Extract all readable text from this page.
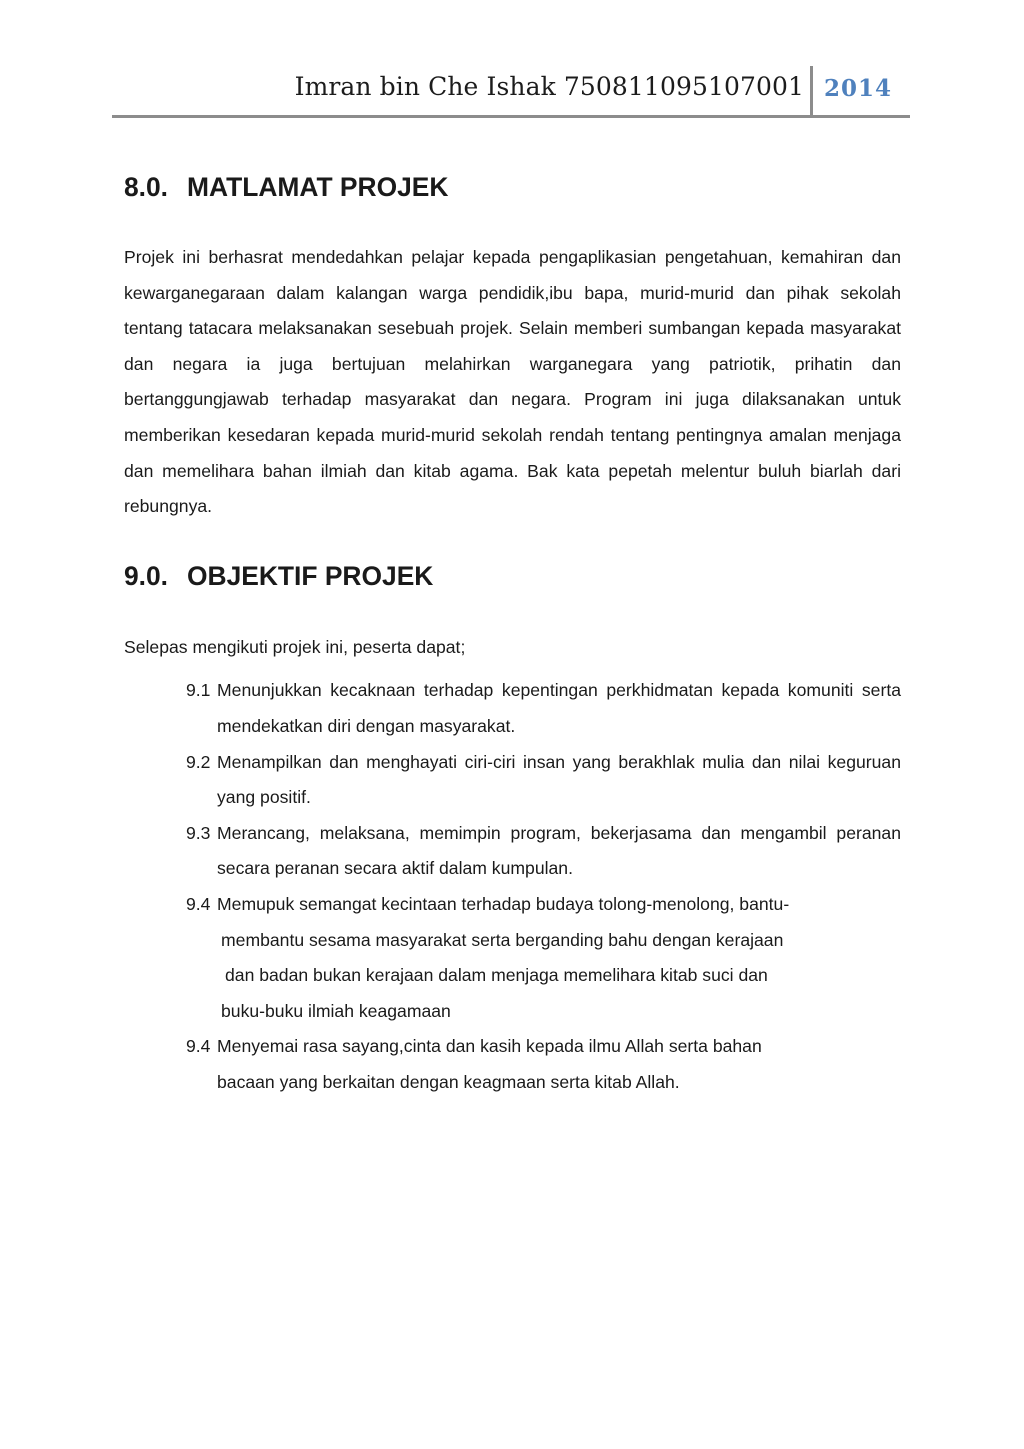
Imran bin Che Ishak 750811095107001 2014
8.0. MATLAMAT PROJEK

Projek ini berhasrat mendedahkan pelajar kepada pengaplikasian pengetahuan, kemahiran dan kewarganegaraan dalam kalangan warga pendidik,ibu bapa, murid-murid dan pihak sekolah tentang tatacara melaksanakan sesebuah projek. Selain memberi sumbangan kepada masyarakat dan negara ia juga bertujuan melahirkan warganegara yang patriotik, prihatin dan bertanggungjawab terhadap masyarakat dan negara. Program ini juga dilaksanakan untuk memberikan kesedaran kepada murid-murid sekolah rendah tentang pentingnya amalan menjaga dan memelihara bahan ilmiah dan kitab agama. Bak kata pepetah melentur buluh biarlah dari rebungnya.

9.0. OBJEKTIF PROJEK

Selepas mengikuti projek ini, peserta dapat;

9.1 Menunjukkan kecaknaan terhadap kepentingan perkhidmatan kepada komuniti serta mendekatkan diri dengan masyarakat.
9.2 Menampilkan dan menghayati ciri-ciri insan yang berakhlak mulia dan nilai keguruan yang positif.
9.3 Merancang, melaksana, memimpin program, bekerjasama dan mengambil peranan secara peranan secara aktif dalam kumpulan.
9.4 Memupuk semangat kecintaan terhadap budaya tolong-menolong, bantu-
membantu sesama masyarakat serta berganding bahu dengan kerajaan
dan badan bukan kerajaan dalam menjaga memelihara kitab suci dan
buku-buku ilmiah keagamaan
9.4 Menyemai rasa sayang,cinta dan kasih kepada ilmu Allah serta bahan
bacaan yang berkaitan dengan keagmaan serta kitab Allah.
